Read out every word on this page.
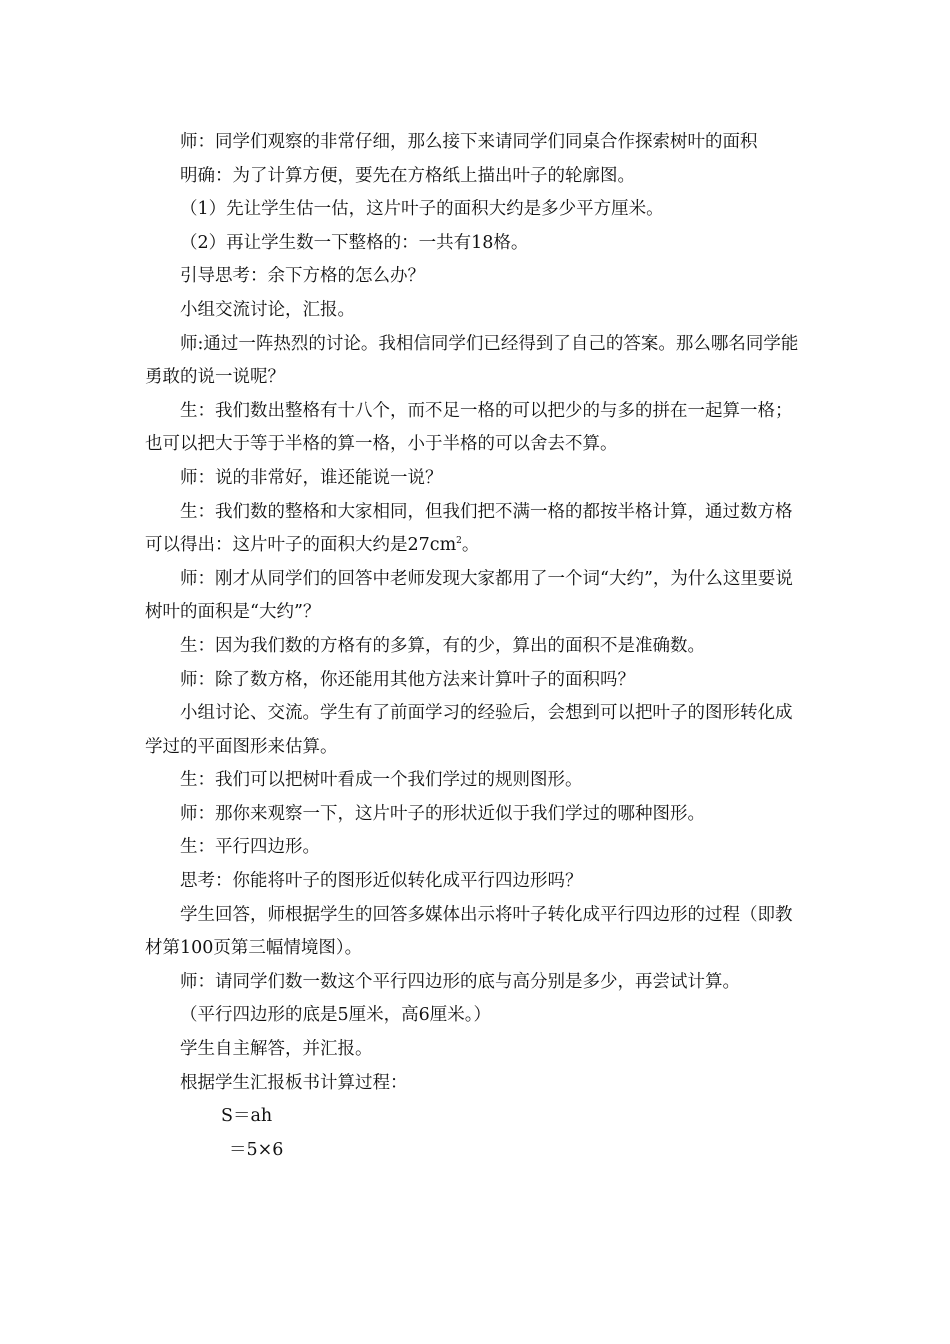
师：同学们观察的非常仔细，那么接下来请同学们同桌合作探索树叶的面积

明确：为了计算方便，要先在方格纸上描出叶子的轮廓图。

（1）先让学生估一估，这片叶子的面积大约是多少平方厘米。

（2）再让学生数一下整格的：一共有18格。

引导思考：余下方格的怎么办？

小组交流讨论，汇报。

师:通过一阵热烈的讨论。我相信同学们已经得到了自己的答案。那么哪名同学能勇敢的说一说呢？

生：我们数出整格有十八个，而不足一格的可以把少的与多的拼在一起算一格；也可以把大于等于半格的算一格，小于半格的可以舍去不算。

师：说的非常好，谁还能说一说？

生：我们数的整格和大家相同，但我们把不满一格的都按半格计算，通过数方格可以得出：这片叶子的面积大约是$27cm^2$。

师：刚才从同学们的回答中老师发现大家都用了一个词“大约”，为什么这里要说树叶的面积是“大约”？

生：因为我们数的方格有的多算，有的少，算出的面积不是准确数。

师：除了数方格，你还能用其他方法来计算叶子的面积吗？

小组讨论、交流。学生有了前面学习的经验后，会想到可以把叶子的图形转化成学过的平面图形来估算。

生：我们可以把树叶看成一个我们学过的规则图形。

师：那你来观察一下，这片叶子的形状近似于我们学过的哪种图形。

生：平行四边形。

思考：你能将叶子的图形近似转化成平行四边形吗？

学生回答，师根据学生的回答多媒体出示将叶子转化成平行四边形的过程（即教材第100页第三幅情境图）。

师：请同学们数一数这个平行四边形的底与高分别是多少，再尝试计算。

（平行四边形的底是5厘米，高6厘米。）

学生自主解答，并汇报。

根据学生汇报板书计算过程：

S＝ah

＝5×6
